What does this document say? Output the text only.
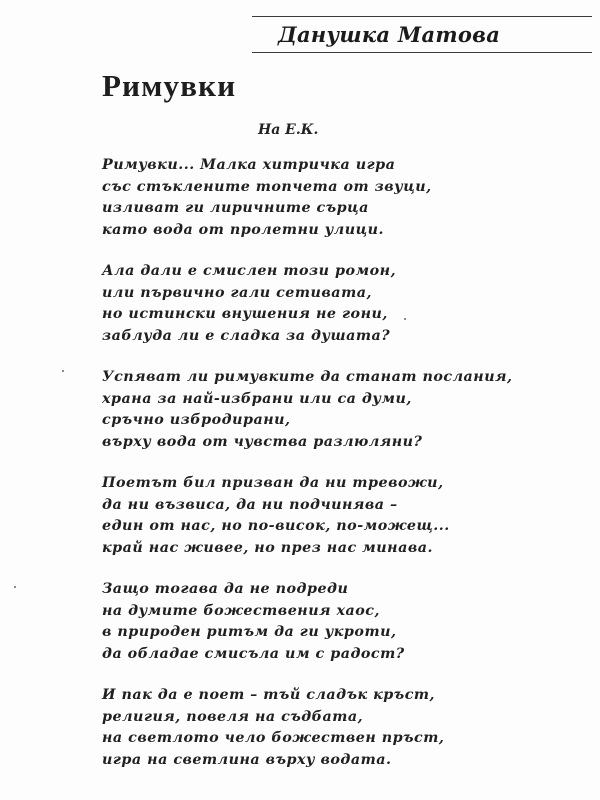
Данушка Матова
Римувки
На Е.К.
Римувки... Малка хитричка игра
със стъклените топчета от звуци,
изливат ги лиричните сърца
като вода от пролетни улици.
Ала дали е смислен този ромон,
или първично гали сетивата,
но истински внушения не гони,
заблуда ли е сладка за душата?
Успяват ли римувките да станат послания,
храна за най-избрани или са думи,
сръчно избродирани,
върху вода от чувства разлюляни?
Поетът бил призван да ни тревожи,
да ни възвиса, да ни подчинява –
един от нас, но по-висок, по-можещ...
край нас живее, но през нас минава.
Защо тогава да не подреди
на думите божествения хаос,
в природен ритъм да ги укроти,
да обладае смисъла им с радост?
И пак да е поет – тъй сладък кръст,
религия, повеля на съдбата,
на светлото чело божествен пръст,
игра на светлина върху водата.
